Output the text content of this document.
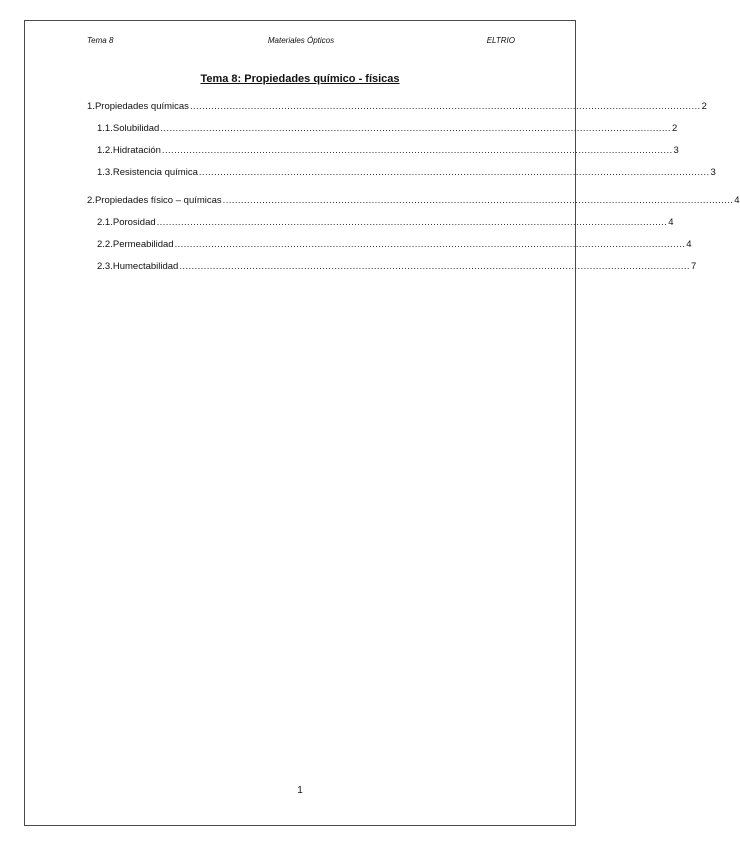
Tema 8	Materiales Ópticos	ELTRIO
Tema 8: Propiedades químico - físicas
1. Propiedades químicas ........................................................................................................................................................................ 2
1.1. Solubilidad ........................................................................................................................................................................ 2
1.2. Hidratación ........................................................................................................................................................................ 3
1.3. Resistencia química ........................................................................................................................................................................ 3
2. Propiedades físico – químicas ........................................................................................................................................................................ 4
2.1. Porosidad ........................................................................................................................................................................ 4
2.2. Permeabilidad ........................................................................................................................................................................ 4
2.3. Humectabilidad ........................................................................................................................................................................ 7
1
